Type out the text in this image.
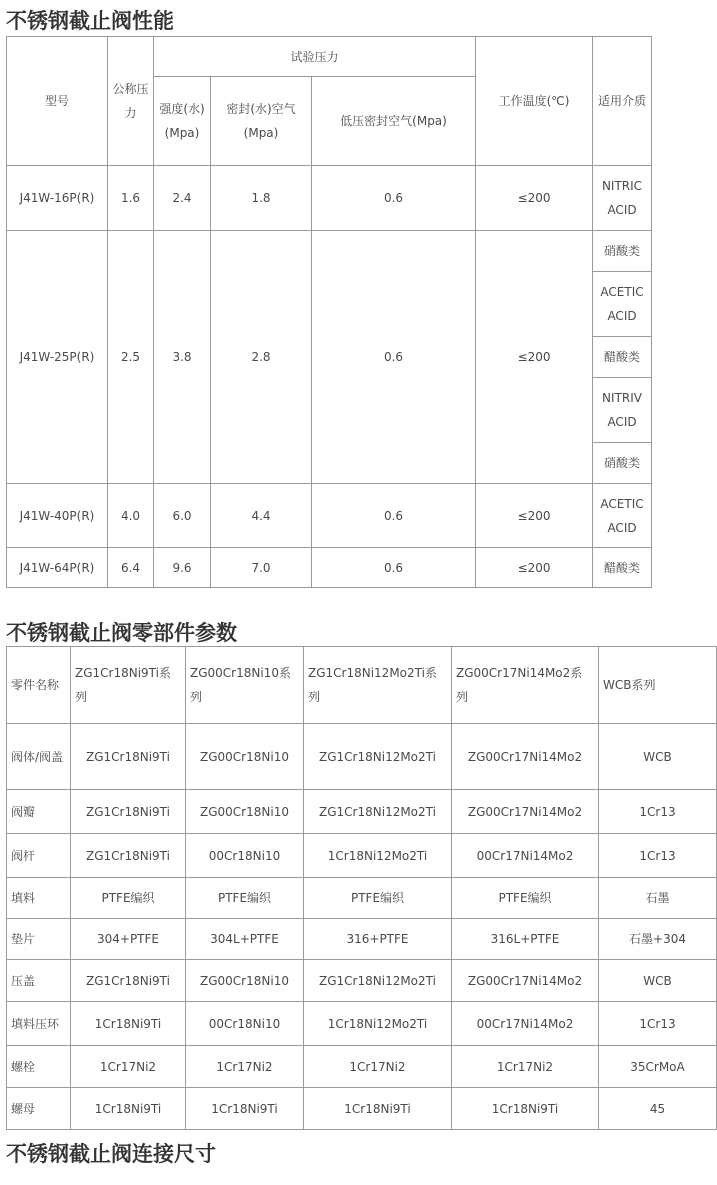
不锈钢截止阀性能
型号	公称压力	试验压力			工作温度(℃)	适用介质
		强度(水)(Mpa)	密封(水)空气(Mpa)	低压密封空气(Mpa)		
J41W-16P(R)	1.6	2.4	1.8	0.6	≤200	NITRIC ACID
J41W-25P(R)	2.5	3.8	2.8	0.6	≤200	硝酸类
						ACETIC ACID
						醋酸类
						NITRIV ACID
						硝酸类
J41W-40P(R)	4.0	6.0	4.4	0.6	≤200	ACETIC ACID
J41W-64P(R)	6.4	9.6	7.0	0.6	≤200	醋酸类
不锈钢截止阀零部件参数
零件名称	ZG1Cr18Ni9Ti系列	ZG00Cr18Ni10系列	ZG1Cr18Ni12Mo2Ti系列	ZG00Cr17Ni14Mo2系列	WCB系列
阀体/阀盖	ZG1Cr18Ni9Ti	ZG00Cr18Ni10	ZG1Cr18Ni12Mo2Ti	ZG00Cr17Ni14Mo2	WCB
阀瓣	ZG1Cr18Ni9Ti	ZG00Cr18Ni10	ZG1Cr18Ni12Mo2Ti	ZG00Cr17Ni14Mo2	1Cr13
阀杆	ZG1Cr18Ni9Ti	00Cr18Ni10	1Cr18Ni12Mo2Ti	00Cr17Ni14Mo2	1Cr13
填料	PTFE编织	PTFE编织	PTFE编织	PTFE编织	石墨
垫片	304+PTFE	304L+PTFE	316+PTFE	316L+PTFE	石墨+304
压盖	ZG1Cr18Ni9Ti	ZG00Cr18Ni10	ZG1Cr18Ni12Mo2Ti	ZG00Cr17Ni14Mo2	WCB
填料压环	1Cr18Ni9Ti	00Cr18Ni10	1Cr18Ni12Mo2Ti	00Cr17Ni14Mo2	1Cr13
螺栓	1Cr17Ni2	1Cr17Ni2	1Cr17Ni2	1Cr17Ni2	35CrMoA
螺母	1Cr18Ni9Ti	1Cr18Ni9Ti	1Cr18Ni9Ti	1Cr18Ni9Ti	45
不锈钢截止阀连接尺寸
